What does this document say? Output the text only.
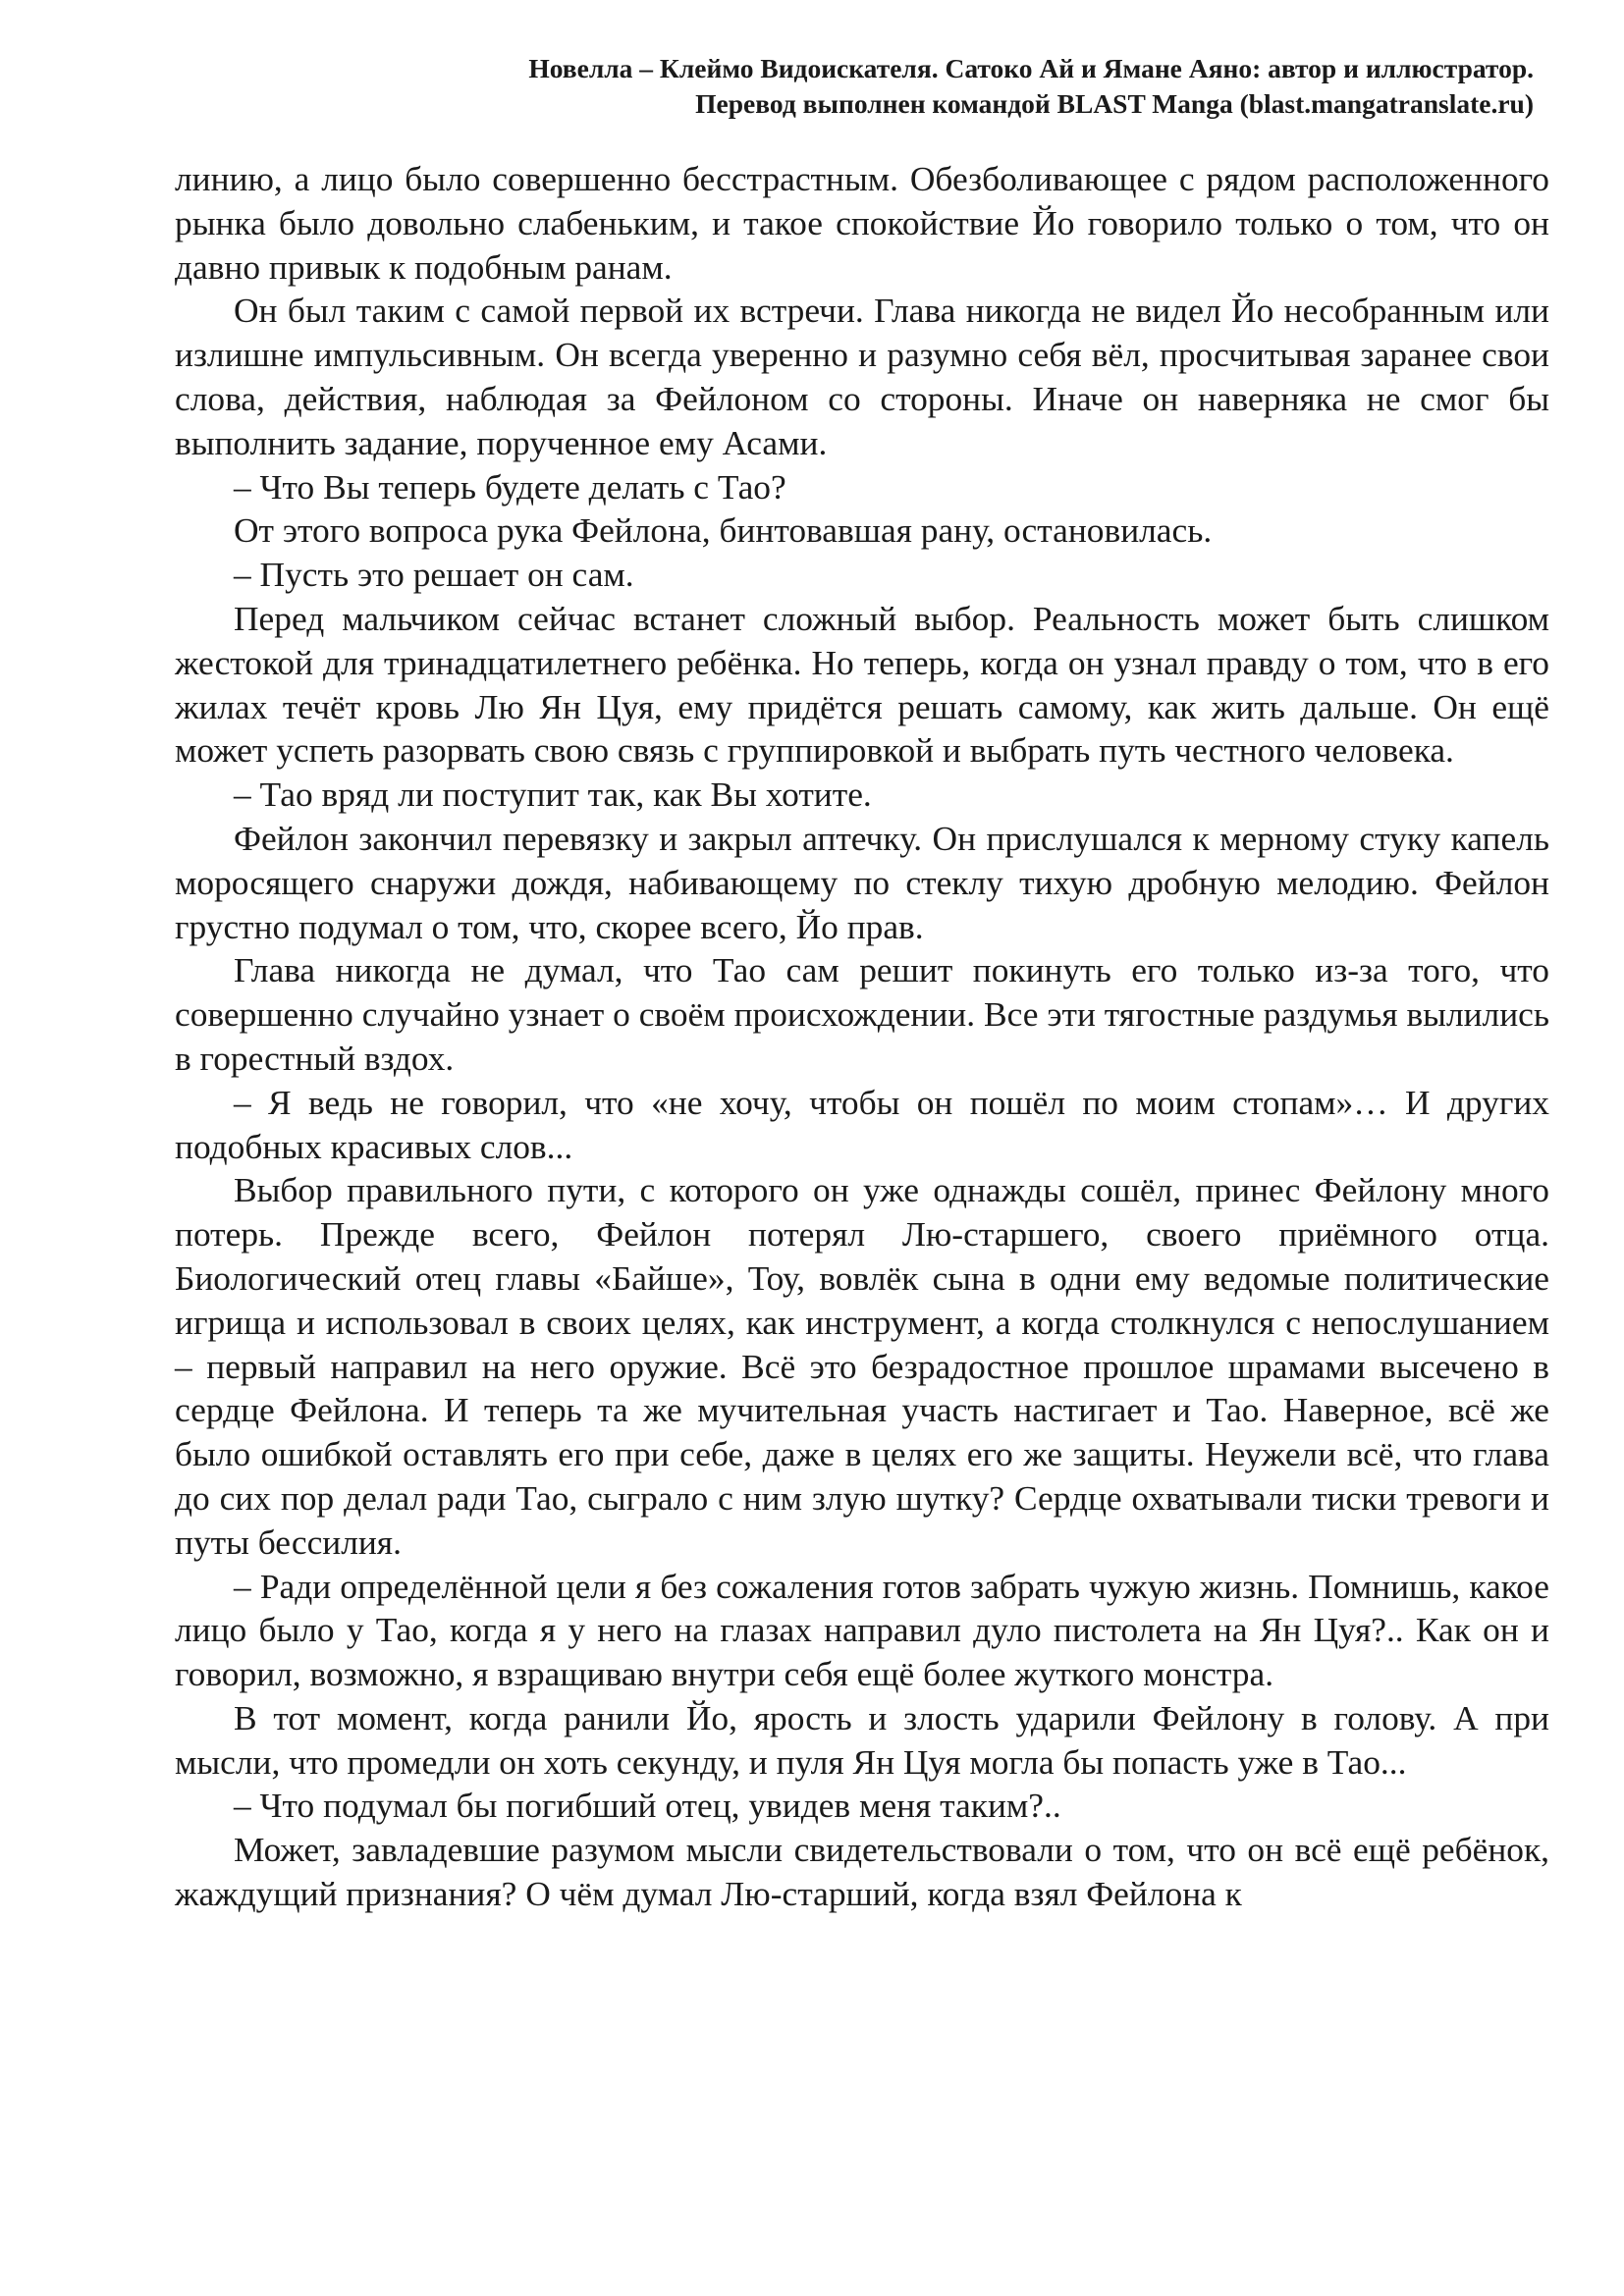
Новелла – Клеймо Видоискателя. Сатоко Ай и Ямане Аяно: автор и иллюстратор.
Перевод выполнен командой BLAST Manga (blast.mangatranslate.ru)

линию, а лицо было совершенно бесстрастным. Обезболивающее с рядом расположенного рынка было довольно слабеньким, и такое спокойствие Йо говорило только о том, что он давно привык к подобным ранам.

Он был таким с самой первой их встречи. Глава никогда не видел Йо несобранным или излишне импульсивным. Он всегда уверенно и разумно себя вёл, просчитывая заранее свои слова, действия, наблюдая за Фейлоном со стороны. Иначе он наверняка не смог бы выполнить задание, порученное ему Асами.

– Что Вы теперь будете делать с Тао?

От этого вопроса рука Фейлона, бинтовавшая рану, остановилась.

– Пусть это решает он сам.

Перед мальчиком сейчас встанет сложный выбор. Реальность может быть слишком жестокой для тринадцатилетнего ребёнка. Но теперь, когда он узнал правду о том, что в его жилах течёт кровь Лю Ян Цуя, ему придётся решать самому, как жить дальше. Он ещё может успеть разорвать свою связь с группировкой и выбрать путь честного человека.

– Тао вряд ли поступит так, как Вы хотите.

Фейлон закончил перевязку и закрыл аптечку. Он прислушался к мерному стуку капель моросящего снаружи дождя, набивающему по стеклу тихую дробную мелодию. Фейлон грустно подумал о том, что, скорее всего, Йо прав.

Глава никогда не думал, что Тао сам решит покинуть его только из-за того, что совершенно случайно узнает о своём происхождении. Все эти тягостные раздумья вылились в горестный вздох.

– Я ведь не говорил, что «не хочу, чтобы он пошёл по моим стопам»… И других подобных красивых слов...

Выбор правильного пути, с которого он уже однажды сошёл, принес Фейлону много потерь. Прежде всего, Фейлон потерял Лю-старшего, своего приёмного отца. Биологический отец главы «Байше», Тоу, вовлёк сына в одни ему ведомые политические игрища и использовал в своих целях, как инструмент, а когда столкнулся с непослушанием – первый направил на него оружие. Всё это безрадостное прошлое шрамами высечено в сердце Фейлона. И теперь та же мучительная участь настигает и Тао. Наверное, всё же было ошибкой оставлять его при себе, даже в целях его же защиты. Неужели всё, что глава до сих пор делал ради Тао, сыграло с ним злую шутку? Сердце охватывали тиски тревоги и путы бессилия.

– Ради определённой цели я без сожаления готов забрать чужую жизнь. Помнишь, какое лицо было у Тао, когда я у него на глазах направил дуло пистолета на Ян Цуя?.. Как он и говорил, возможно, я взращиваю внутри себя ещё более жуткого монстра.

В тот момент, когда ранили Йо, ярость и злость ударили Фейлону в голову. А при мысли, что промедли он хоть секунду, и пуля Ян Цуя могла бы попасть уже в Тао...

– Что подумал бы погибший отец, увидев меня таким?..

Может, завладевшие разумом мысли свидетельствовали о том, что он всё ещё ребёнок, жаждущий признания? О чём думал Лю-старший, когда взял Фейлона к
